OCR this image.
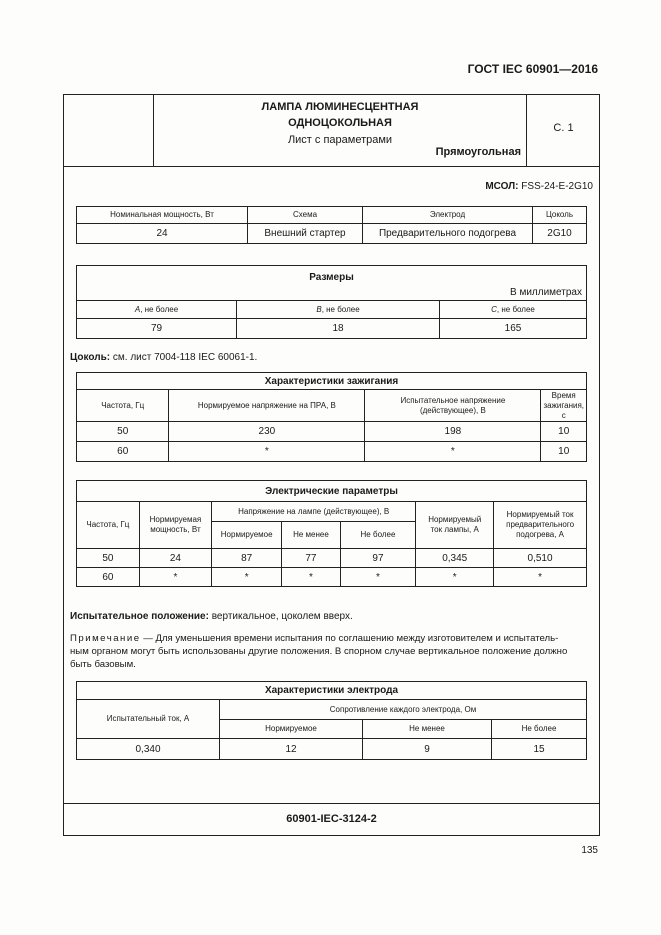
ГОСТ IEC 60901—2016
ЛАМПА ЛЮМИНЕСЦЕНТНАЯ
ОДНОЦОКОЛЬНАЯ
Лист с параметрами
Прямоугольная
С. 1
МСОЛ: FSS-24-E-2G10
Номинальная мощность, Вт	Схема	Электрод	Цоколь
24	Внешний стартер	Предварительного подогрева	2G10
Размеры
В миллиметрах		

A, не более	B, не более	C, не более
79	18	165
Цоколь: см. лист 7004-118 IEC 60061-1.
Характеристики зажигания			
Частота, Гц	Нормируемое напряжение на ПРА, В	Испытательное напряжение (действующее), В	Время зажигания, с
50	230	198	10
60	*	*	10
Электрические параметры						
Частота, Гц	Нормируемая мощность, Вт	Напряжение на лампе (действующее), В			Нормируемый ток лампы, А	Нормируемый ток предварительного подогрева, А
		Нормируемое	Не менее	Не более		
50	24	87	77	97	0,345	0,510
60	*	*	*	*	*	*
Испытательное положение: вертикальное, цоколем вверх.
Примечание — Для уменьшения времени испытания по соглашению между изготовителем и испытатель-
ным органом могут быть использованы другие положения. В спорном случае вертикальное положение должно
быть базовым.
Характеристики электрода			
Испытательный ток, А	Сопротивление каждого электрода, Ом		
	Нормируемое	Не менее	Не более
0,340	12	9	15
60901-IEC-3124-2
135
